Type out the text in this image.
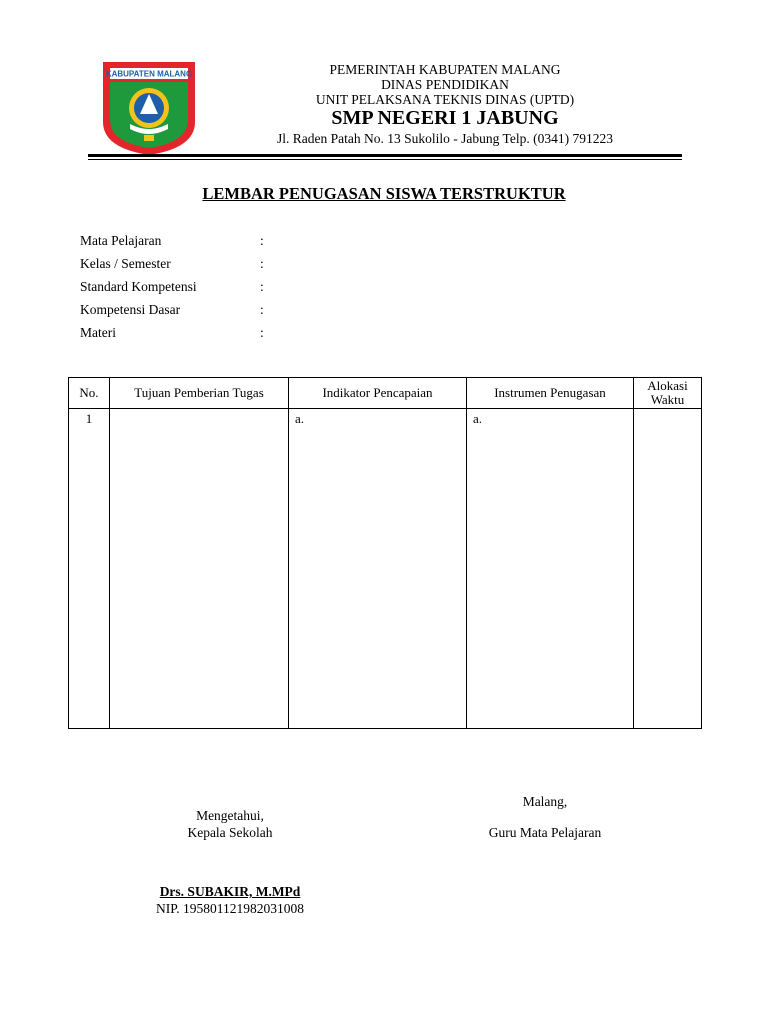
KABUPATEN MALANG	PEMERINTAH KABUPATEN MALANG
DINAS PENDIDIKAN
UNIT PELAKSANA TEKNIS DINAS (UPTD)
SMP NEGERI 1 JABUNG
Jl. Raden Patah No. 13 Sukolilo - Jabung Telp. (0341) 791223
LEMBAR PENUGASAN SISWA TERSTRUKTUR
Mata Pelajaran	:
Kelas / Semester	:
Standard Kompetensi	:
Kompetensi Dasar	:
Materi	:
No.	Tujuan Pemberian Tugas	Indikator Pencapaian	Instrumen Penugasan	Alokasi
Waktu
1		a.	a.	
Malang,
Mengetahui,
Kepala Sekolah	Guru Mata Pelajaran
Drs. SUBAKIR, M.MPd
NIP. 195801121982031008
